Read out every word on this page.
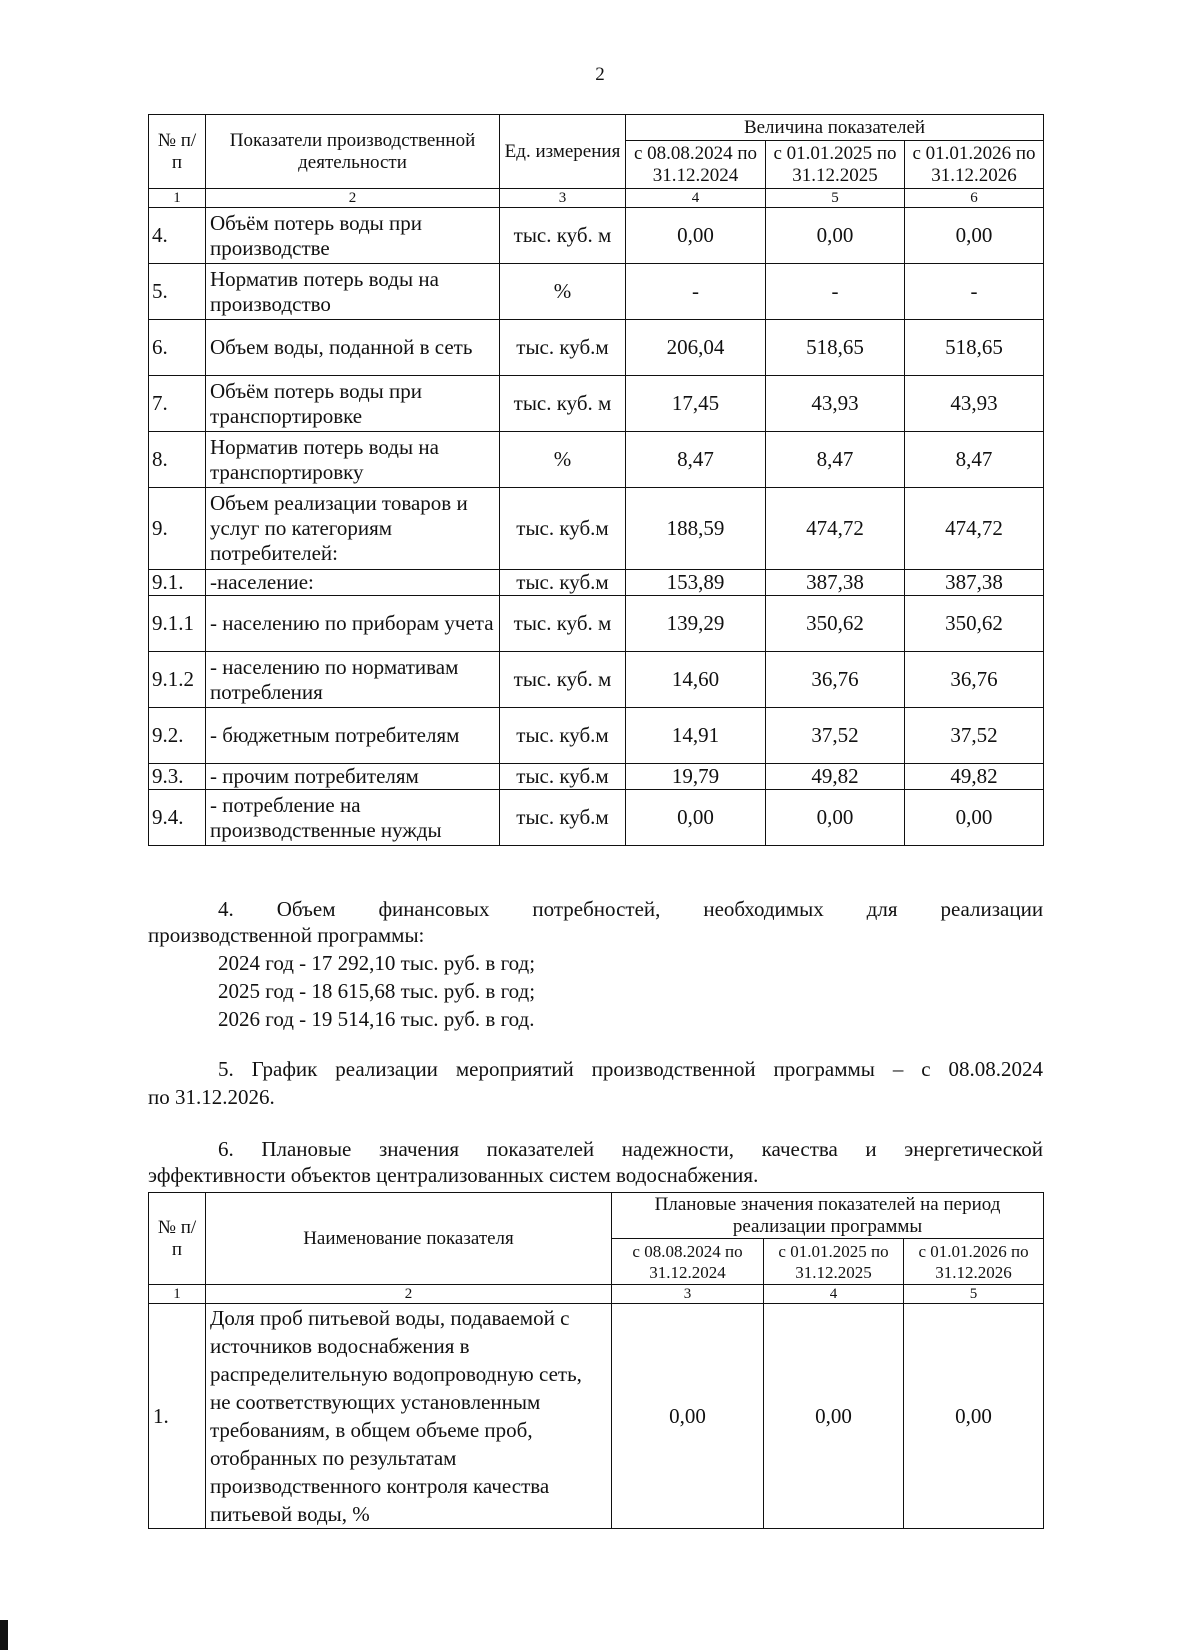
2
№ п/п	Показатели производственной деятельности	Ед. измерения	Величина показателей		
			с 08.08.2024 по 31.12.2024	с 01.01.2025 по 31.12.2025	с 01.01.2026 по 31.12.2026
1	2	3	4	5	6
4.	Объём потерь воды при производстве	тыс. куб. м	0,00	0,00	0,00
5.	Норматив потерь воды на производство	%	-	-	-
6.	Объем воды, поданной в сеть	тыс. куб.м	206,04	518,65	518,65
7.	Объём потерь воды при транспортировке	тыс. куб. м	17,45	43,93	43,93
8.	Норматив потерь воды на транспортировку	%	8,47	8,47	8,47
9.	Объем реализации товаров и услуг по категориям потребителей:	тыс. куб.м	188,59	474,72	474,72
9.1.	-население:	тыс. куб.м	153,89	387,38	387,38
9.1.1	- населению по приборам учета	тыс. куб. м	139,29	350,62	350,62
9.1.2	- населению по нормативам потребления	тыс. куб. м	14,60	36,76	36,76
9.2.	- бюджетным потребителям	тыс. куб.м	14,91	37,52	37,52
9.3.	- прочим потребителям	тыс. куб.м	19,79	49,82	49,82
9.4.	- потребление на производственные нужды	тыс. куб.м	0,00	0,00	0,00
4. Объем финансовых потребностей, необходимых для реализации
производственной программы:
2024 год - 17 292,10 тыс. руб. в год;
2025 год - 18 615,68 тыс. руб. в год;
2026 год - 19 514,16 тыс. руб. в год.
5. График реализации мероприятий производственной программы – с 08.08.2024
по 31.12.2026.
6. Плановые значения показателей надежности, качества и энергетической
эффективности объектов централизованных систем водоснабжения.
№ п/п	Наименование показателя	Плановые значения показателей на период реализации программы		
		с 08.08.2024 по 31.12.2024	с 01.01.2025 по 31.12.2025	с 01.01.2026 по 31.12.2026
1	2	3	4	5
1.	Доля проб питьевой воды, подаваемой с источников водоснабжения в распределительную водопроводную сеть, не соответствующих установленным требованиям, в общем объеме проб, отобранных по результатам производственного контроля качества питьевой воды, %	0,00	0,00	0,00
